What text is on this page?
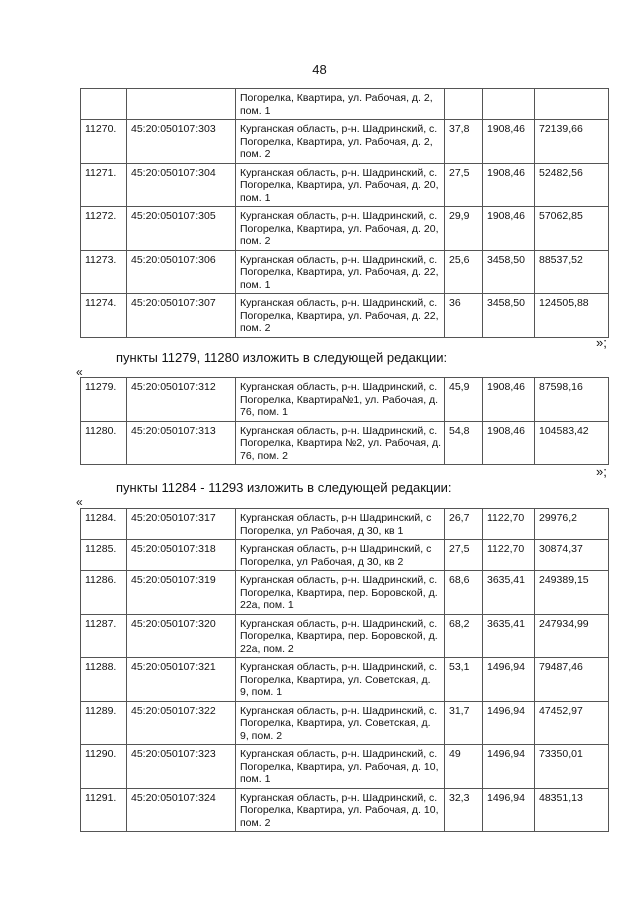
48
		Погорелка, Квартира, ул. Рабочая, д. 2, пом. 1			
11270.	45:20:050107:303	Курганская область, р-н. Шадринский, с. Погорелка, Квартира, ул. Рабочая, д. 2, пом. 2	37,8	1908,46	72139,66
11271.	45:20:050107:304	Курганская область, р-н. Шадринский, с. Погорелка, Квартира, ул. Рабочая, д. 20, пом. 1	27,5	1908,46	52482,56
11272.	45:20:050107:305	Курганская область, р-н. Шадринский, с. Погорелка, Квартира, ул. Рабочая, д. 20, пом. 2	29,9	1908,46	57062,85
11273.	45:20:050107:306	Курганская область, р-н. Шадринский, с. Погорелка, Квартира, ул. Рабочая, д. 22, пом. 1	25,6	3458,50	88537,52
11274.	45:20:050107:307	Курганская область, р-н. Шадринский, с. Погорелка, Квартира, ул. Рабочая, д. 22, пом. 2	36	3458,50	124505,88
»;
пункты 11279, 11280 изложить в следующей редакции:
«
11279.	45:20:050107:312	Курганская область, р-н. Шадринский, с. Погорелка, Квартира№1, ул. Рабочая, д. 76, пом. 1	45,9	1908,46	87598,16
11280.	45:20:050107:313	Курганская область, р-н. Шадринский, с. Погорелка, Квартира №2, ул. Рабочая, д. 76, пом. 2	54,8	1908,46	104583,42
»;
пункты 11284 - 11293 изложить в следующей редакции:
«
11284.	45:20:050107:317	Курганская область, р-н Шадринский, с Погорелка, ул Рабочая, д 30, кв 1	26,7	1122,70	29976,2
11285.	45:20:050107:318	Курганская область, р-н Шадринский, с Погорелка, ул Рабочая, д 30, кв 2	27,5	1122,70	30874,37
11286.	45:20:050107:319	Курганская область, р-н. Шадринский, с. Погорелка, Квартира, пер. Боровской, д. 22а, пом. 1	68,6	3635,41	249389,15
11287.	45:20:050107:320	Курганская область, р-н. Шадринский, с. Погорелка, Квартира, пер. Боровской, д. 22а, пом. 2	68,2	3635,41	247934,99
11288.	45:20:050107:321	Курганская область, р-н. Шадринский, с. Погорелка, Квартира, ул. Советская, д. 9, пом. 1	53,1	1496,94	79487,46
11289.	45:20:050107:322	Курганская область, р-н. Шадринский, с. Погорелка, Квартира, ул. Советская, д. 9, пом. 2	31,7	1496,94	47452,97
11290.	45:20:050107:323	Курганская область, р-н. Шадринский, с. Погорелка, Квартира, ул. Рабочая, д. 10, пом. 1	49	1496,94	73350,01
11291.	45:20:050107:324	Курганская область, р-н. Шадринский, с. Погорелка, Квартира, ул. Рабочая, д. 10, пом. 2	32,3	1496,94	48351,13
